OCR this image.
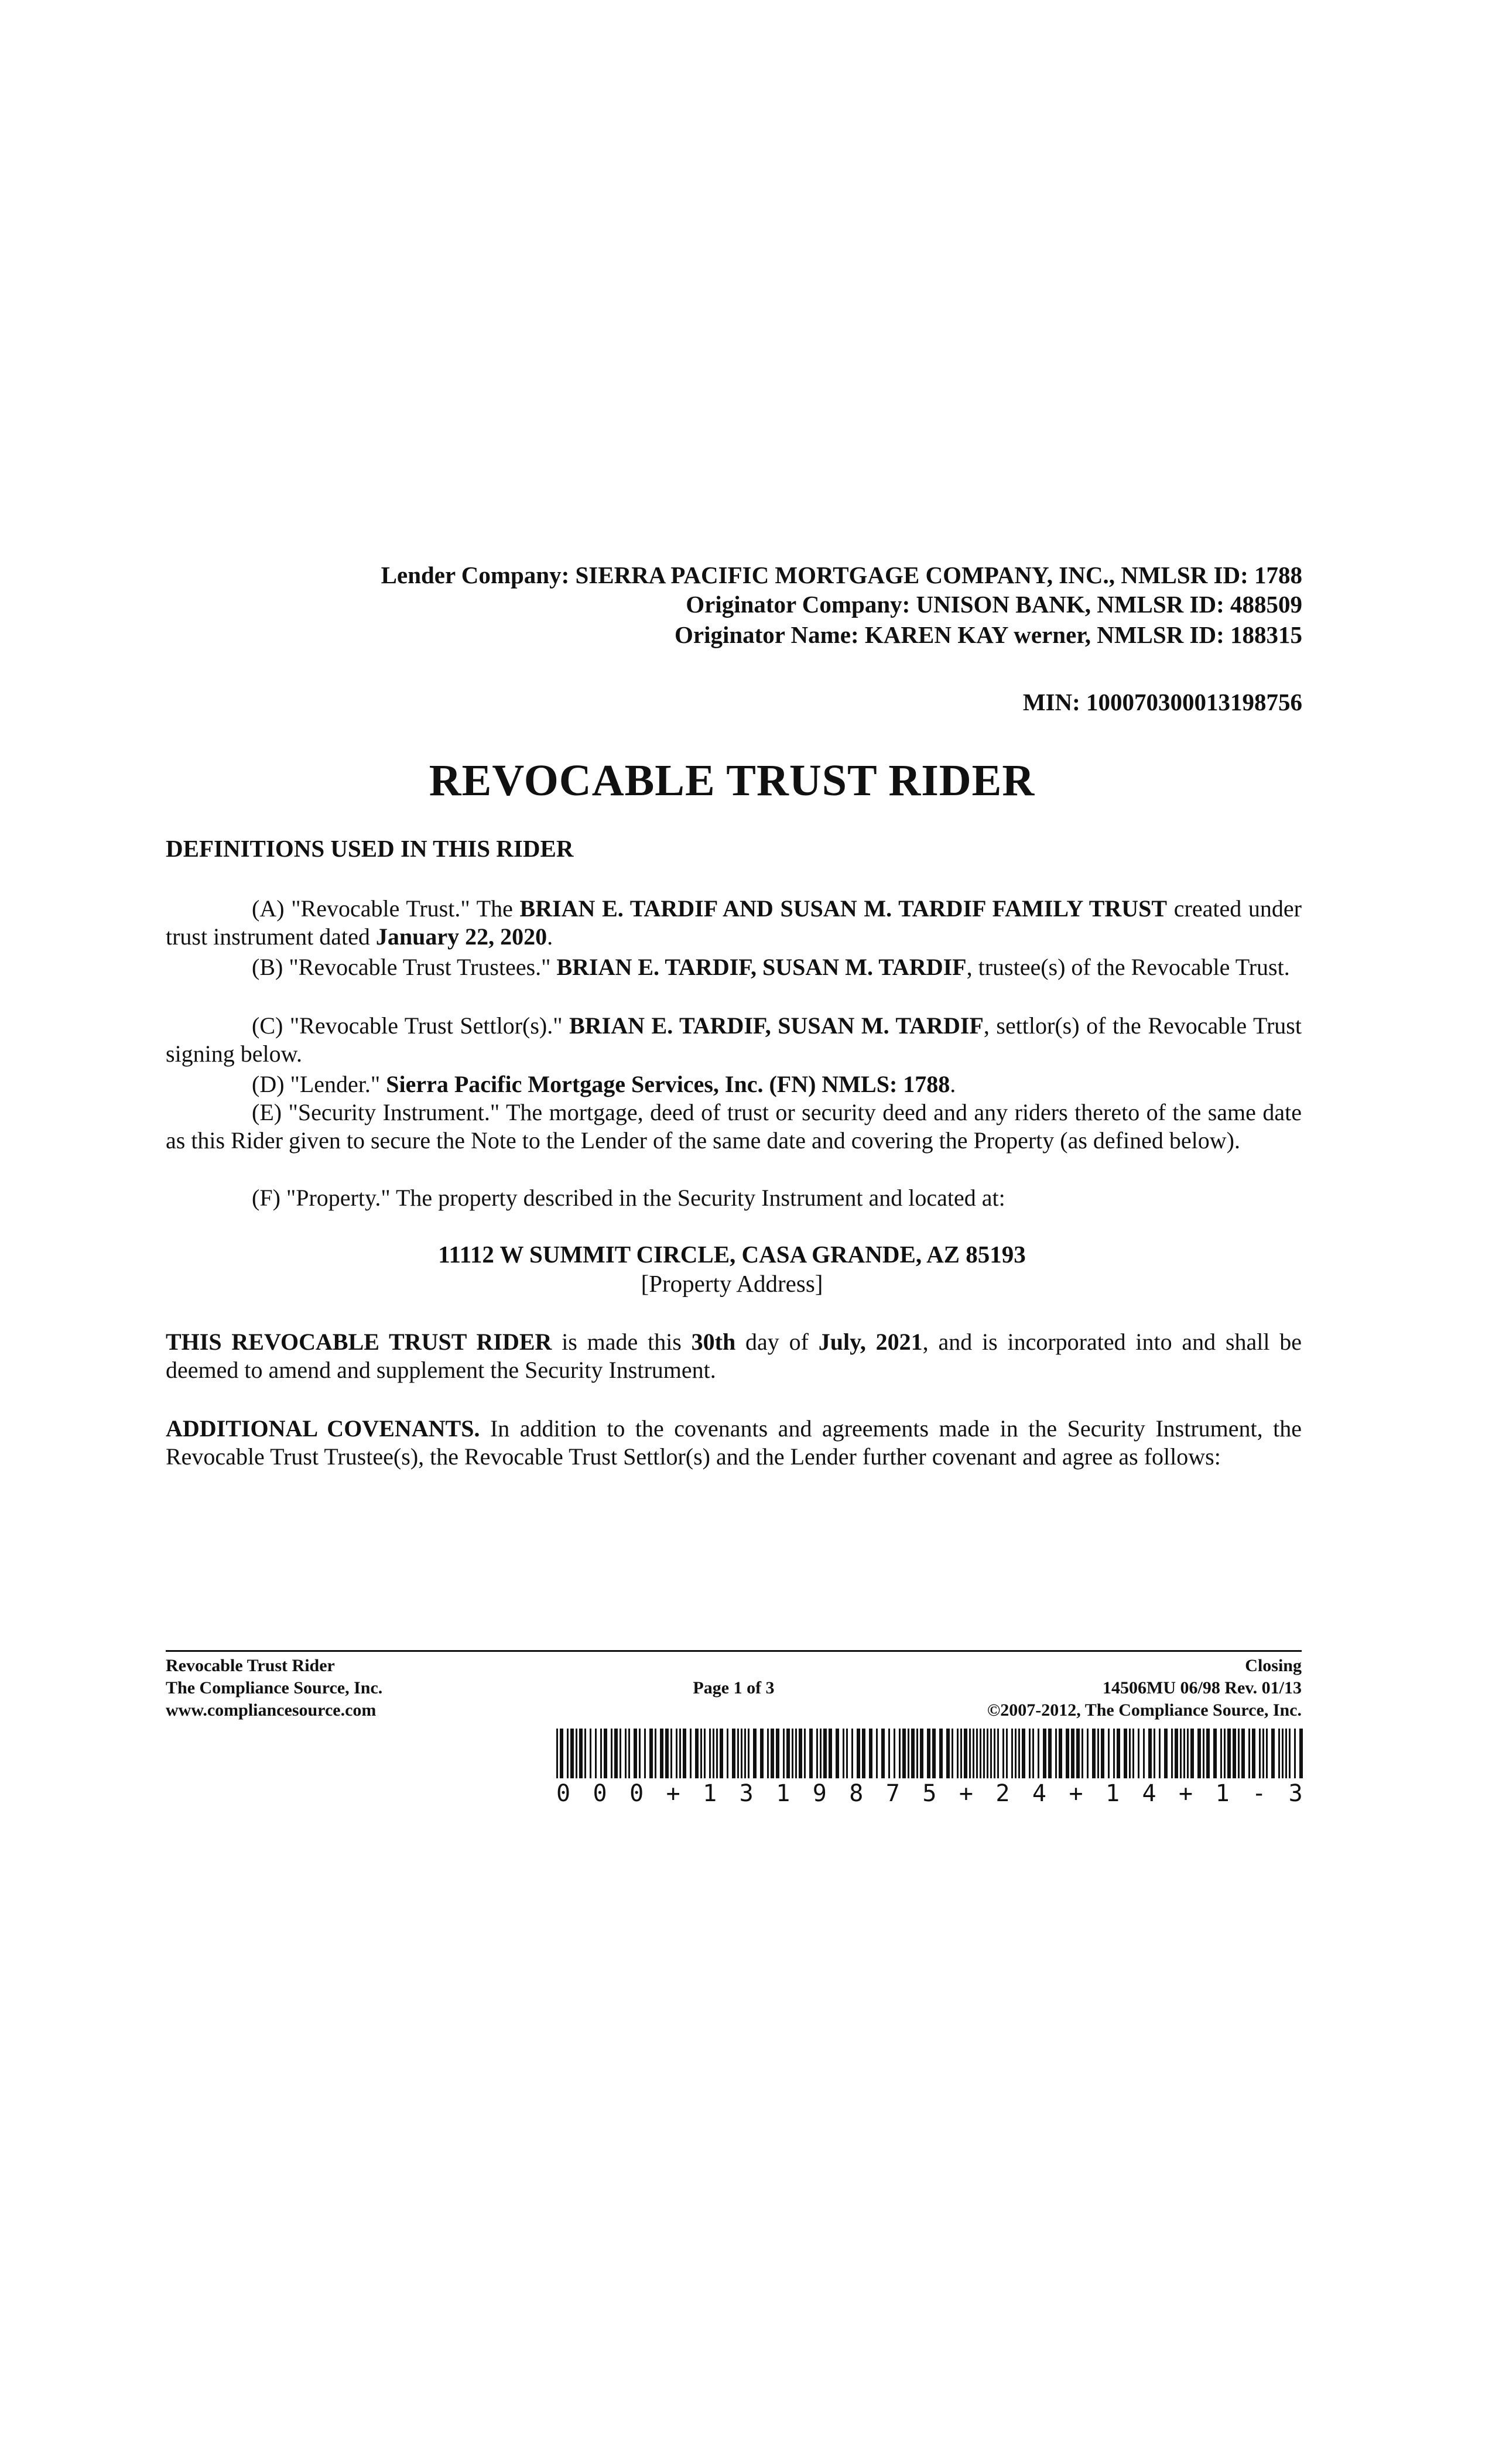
Lender Company: SIERRA PACIFIC MORTGAGE COMPANY, INC., NMLSR ID: 1788
Originator Company: UNISON BANK, NMLSR ID: 488509
Originator Name: KAREN KAY werner, NMLSR ID: 188315
MIN: 100070300013198756
REVOCABLE TRUST RIDER
DEFINITIONS USED IN THIS RIDER
(A) "Revocable Trust." The BRIAN E. TARDIF AND SUSAN M. TARDIF FAMILY TRUST created under trust instrument dated January 22, 2020.
(B) "Revocable Trust Trustees." BRIAN E. TARDIF, SUSAN M. TARDIF, trustee(s) of the Revocable Trust.
(C) "Revocable Trust Settlor(s)." BRIAN E. TARDIF, SUSAN M. TARDIF, settlor(s) of the Revocable Trust signing below.
(D) "Lender." Sierra Pacific Mortgage Services, Inc. (FN) NMLS: 1788.
(E) "Security Instrument." The mortgage, deed of trust or security deed and any riders thereto of the same date as this Rider given to secure the Note to the Lender of the same date and covering the Property (as defined below).
(F) "Property." The property described in the Security Instrument and located at:
11112 W SUMMIT CIRCLE, CASA GRANDE, AZ 85193
[Property Address]
THIS REVOCABLE TRUST RIDER is made this 30th day of July, 2021, and is incorporated into and shall be deemed to amend and supplement the Security Instrument.
ADDITIONAL COVENANTS. In addition to the covenants and agreements made in the Security Instrument, the Revocable Trust Trustee(s), the Revocable Trust Settlor(s) and the Lender further covenant and agree as follows:
Revocable Trust Rider	Closing
The Compliance Source, Inc.	Page 1 of 3	14506MU 06/98 Rev. 01/13
www.compliancesource.com	©2007-2012, The Compliance Source, Inc.
0 0 0 + 1 3 1 9 8 7 5 + 2 4 + 1 4 + 1 - 3
